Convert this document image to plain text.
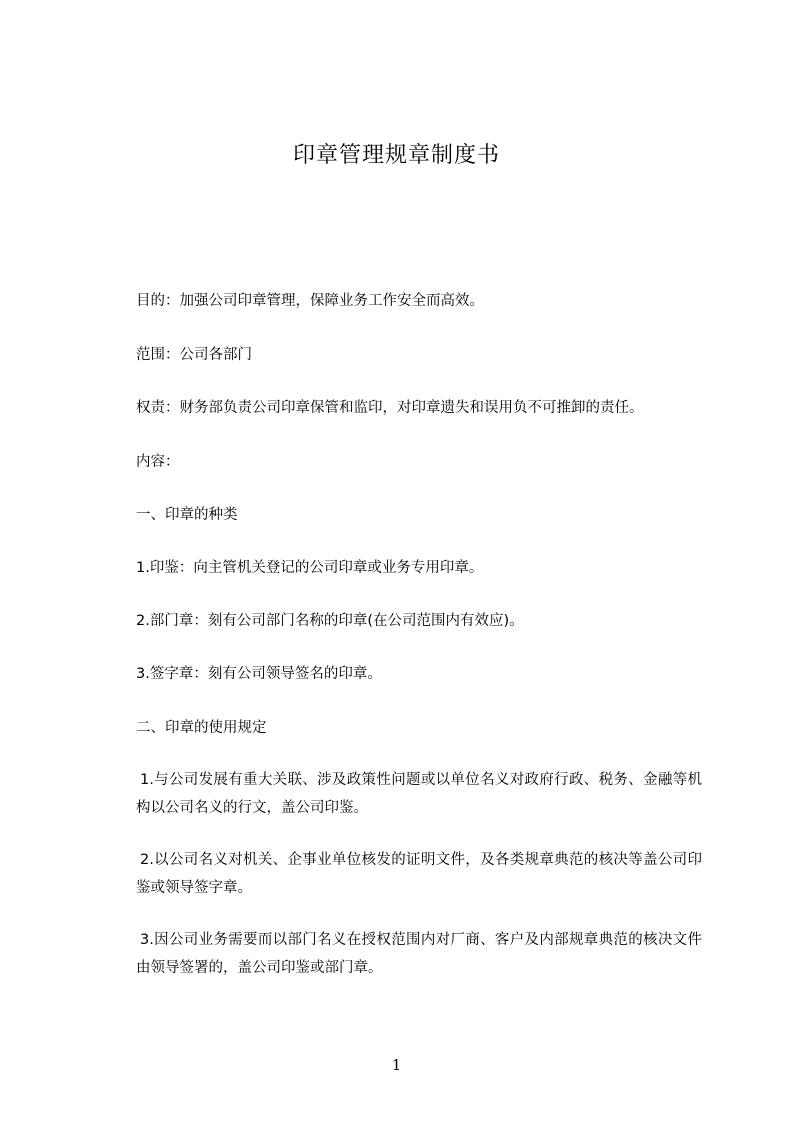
印章管理规章制度书
目的：加强公司印章管理，保障业务工作安全而高效。
范围：公司各部门
权责：财务部负责公司印章保管和监印，对印章遗失和误用负不可推卸的责任。
内容：
一、印章的种类
1.印鉴：向主管机关登记的公司印章或业务专用印章。
2.部门章：刻有公司部门名称的印章(在公司范围内有效应)。
3.签字章：刻有公司领导签名的印章。
二、印章的使用规定
1.与公司发展有重大关联、涉及政策性问题或以单位名义对政府行政、税务、金融等机构以公司名义的行文，盖公司印鉴。
2.以公司名义对机关、企事业单位核发的证明文件，及各类规章典范的核决等盖公司印鉴或领导签字章。
3.因公司业务需要而以部门名义在授权范围内对厂商、客户及内部规章典范的核决文件由领导签署的，盖公司印鉴或部门章。
1
